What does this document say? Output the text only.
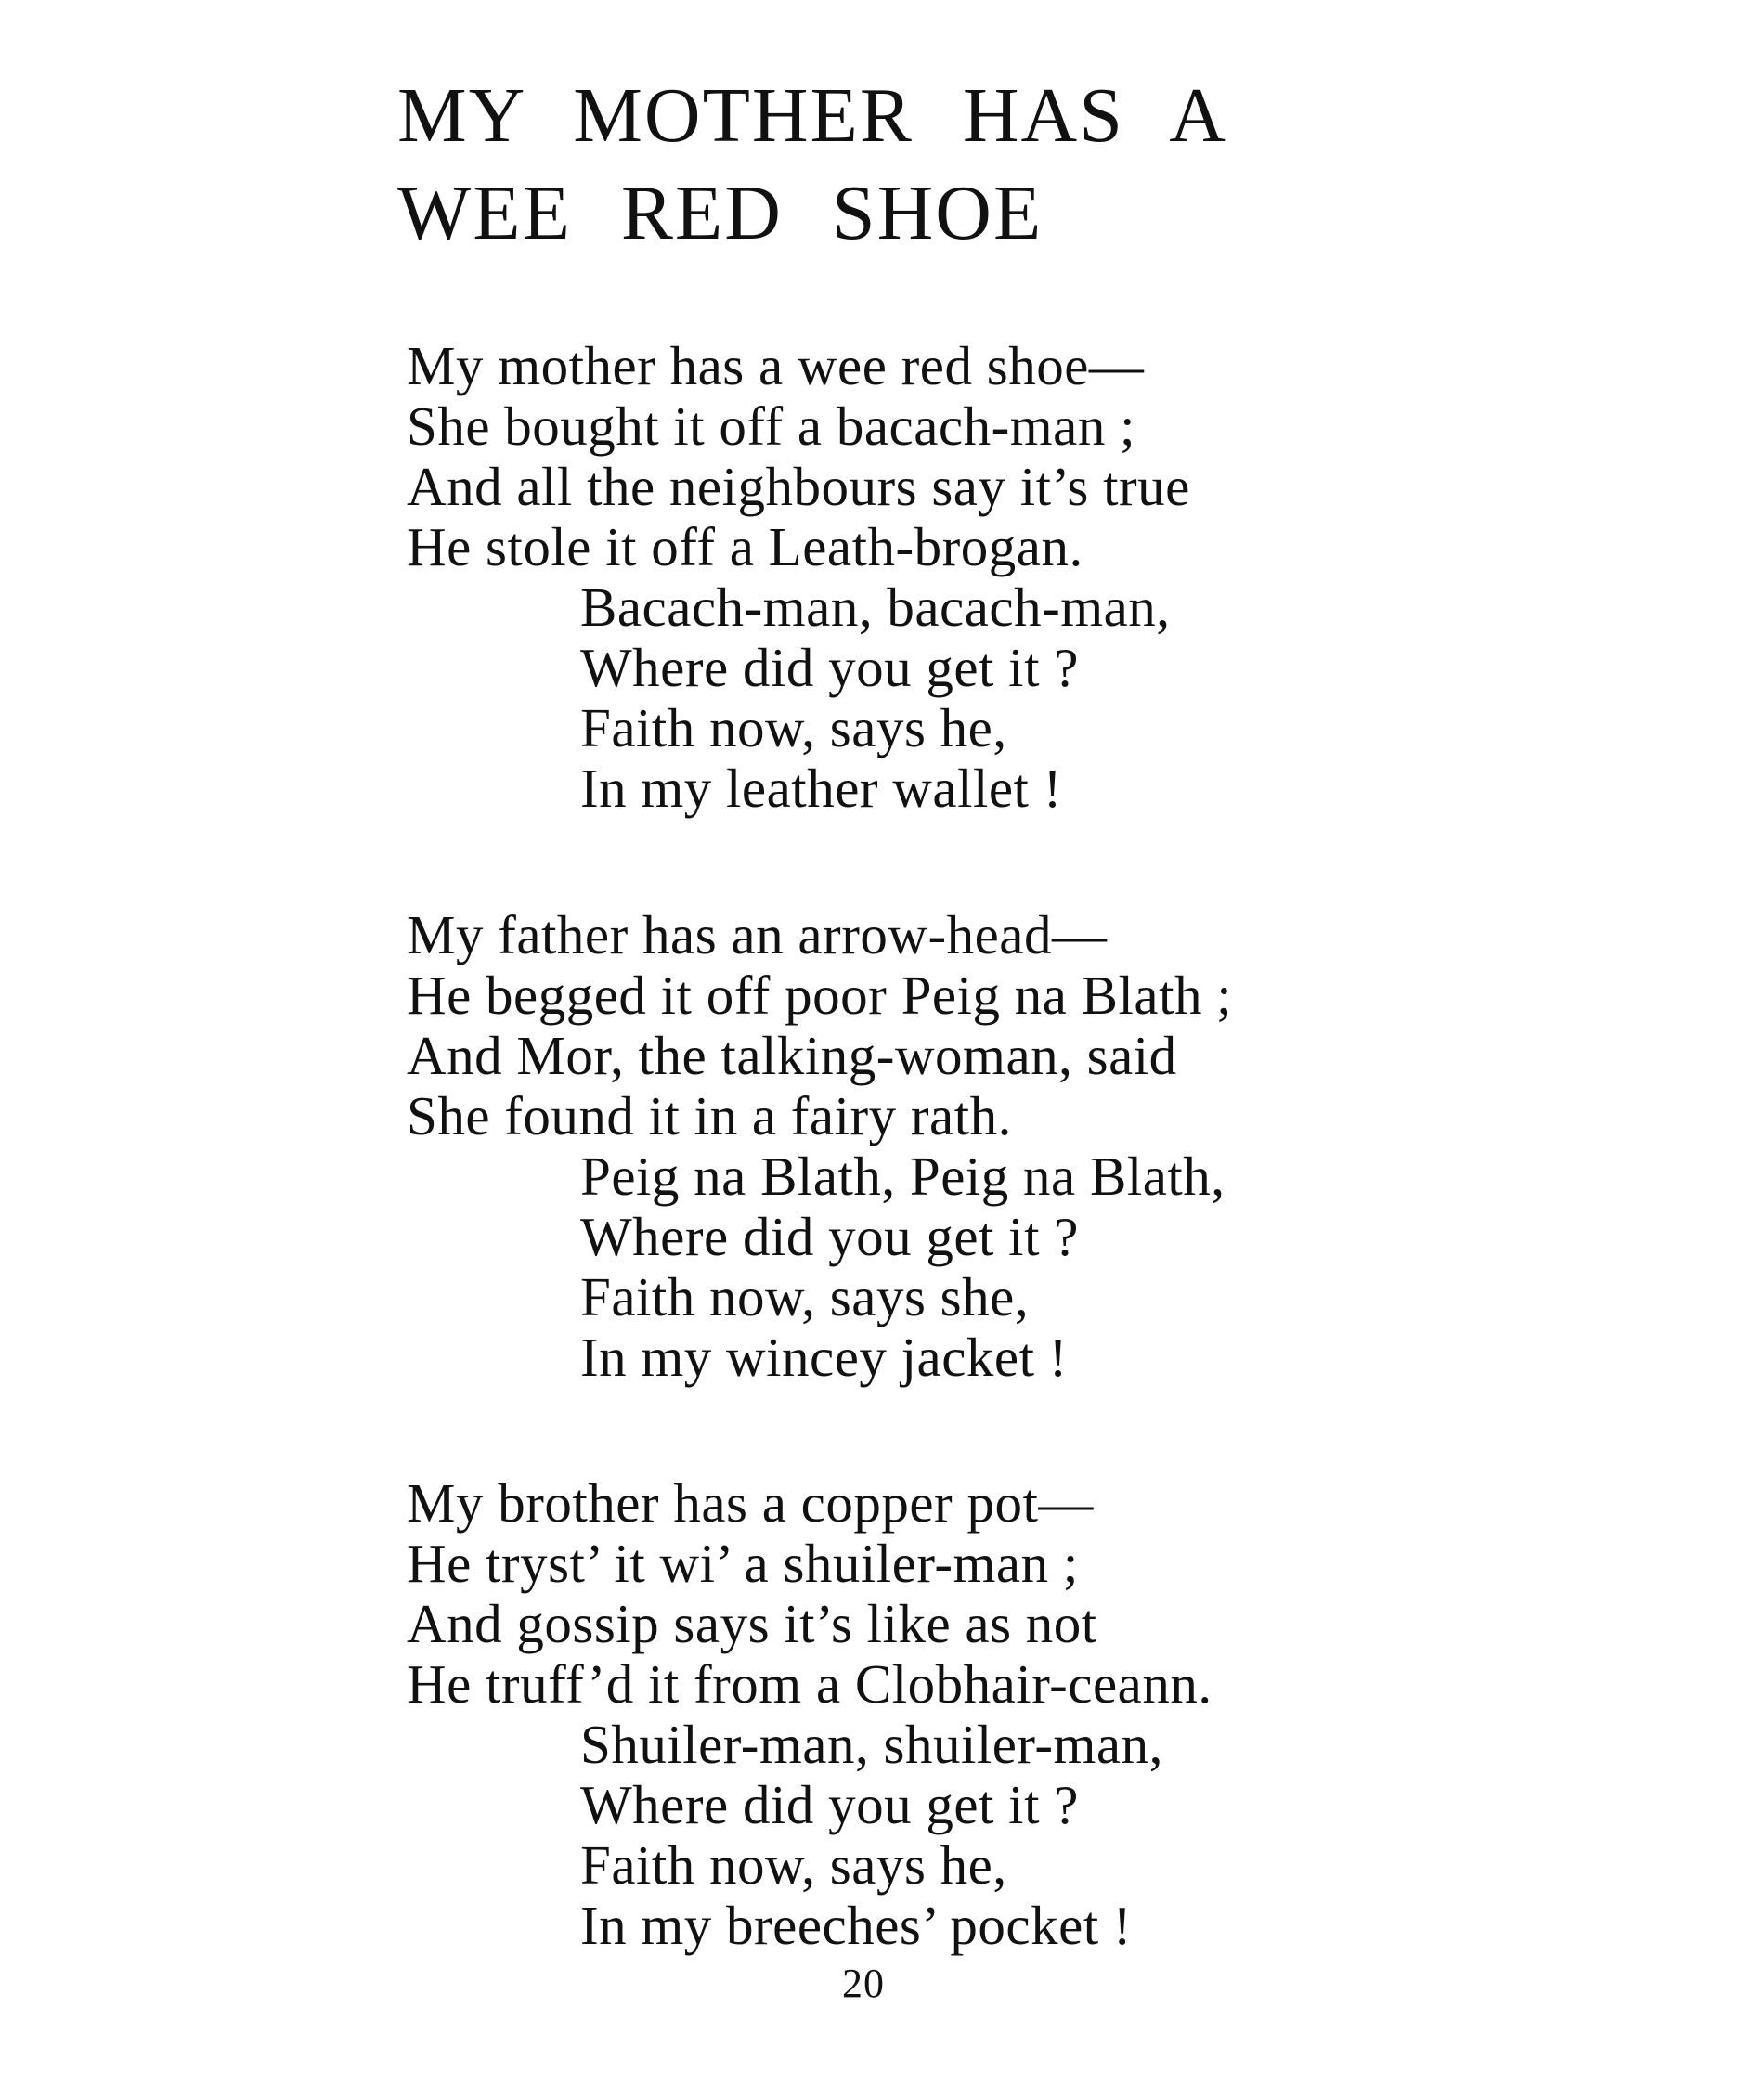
MY MOTHER HAS A
WEE RED SHOE
My mother has a wee red shoe—
She bought it off a bacach-man ;
And all the neighbours say it’s true
He stole it off a Leath-brogan.
Bacach-man, bacach-man,
Where did you get it ?
Faith now, says he,
In my leather wallet !
My father has an arrow-head—
He begged it off poor Peig na Blath ;
And Mor, the talking-woman, said
She found it in a fairy rath.
Peig na Blath, Peig na Blath,
Where did you get it ?
Faith now, says she,
In my wincey jacket !
My brother has a copper pot—
He tryst’ it wi’ a shuiler-man ;
And gossip says it’s like as not
He truff’d it from a Clobhair-ceann.
Shuiler-man, shuiler-man,
Where did you get it ?
Faith now, says he,
In my breeches’ pocket !
20
